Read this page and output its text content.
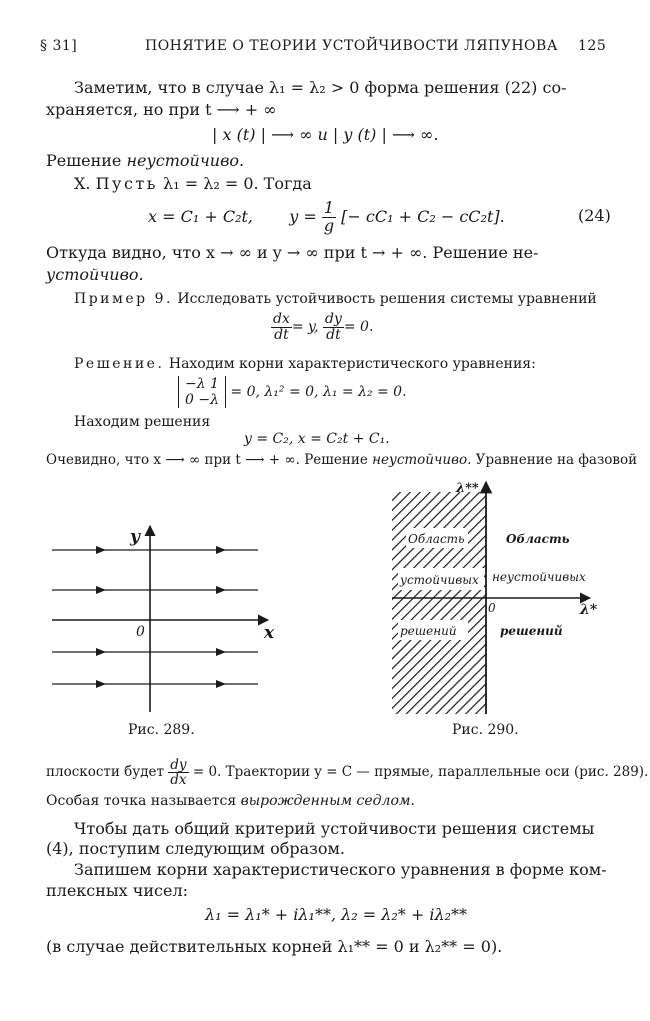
§ 31]	ПОНЯТИЕ О ТЕОРИИ УСТОЙЧИВОСТИ ЛЯПУНОВА 125
Заметим, что в случае λ₁ = λ₂ > 0 форма решения (22) со-
храняется, но при t ⟶ + ∞
| x (t) | ⟶ ∞ и | y (t) | ⟶ ∞.
Решение неустойчиво.
X. Пусть λ₁ = λ₂ = 0. Тогда
x = C₁ + C₂t, $y = \frac{1}{g}$ [− cC₁ + C₂ − cC₂t].	(24)
Откуда видно, что x → ∞ и y → ∞ при t → + ∞. Решение не-
устойчиво.
Пример 9. Исследовать устойчивость решения системы уравнений
$\frac{dx}{dt} = y$, $\frac{dy}{dt} = 0$.
Решение. Находим корни характеристического уравнения:
−λ 1
0 −λ = 0, λ₁² = 0, λ₁ = λ₂ = 0.
Находим решения
y = C₂, x = C₂t + C₁.
Очевидно, что x ⟶ ∞ при t ⟶ + ∞. Решение неустойчиво. Уравнение на фазовой
y
0	x
Рис. 289.
λ**
λ*
0
Область
устойчивых
решений
Область
неустойчивых
решений
Рис. 290.
плоскости будет $\frac{dy}{dx} = 0$. Траектории y = C — прямые, параллельные оси (рис. 289).
Особая точка называется вырожденным седлом.
Чтобы дать общий критерий устойчивости решения системы
(4), поступим следующим образом.
Запишем корни характеристического уравнения в форме ком-
плексных чисел:
λ₁ = λ₁* + iλ₁**, λ₂ = λ₂* + iλ₂**
(в случае действительных корней λ₁** = 0 и λ₂** = 0).
